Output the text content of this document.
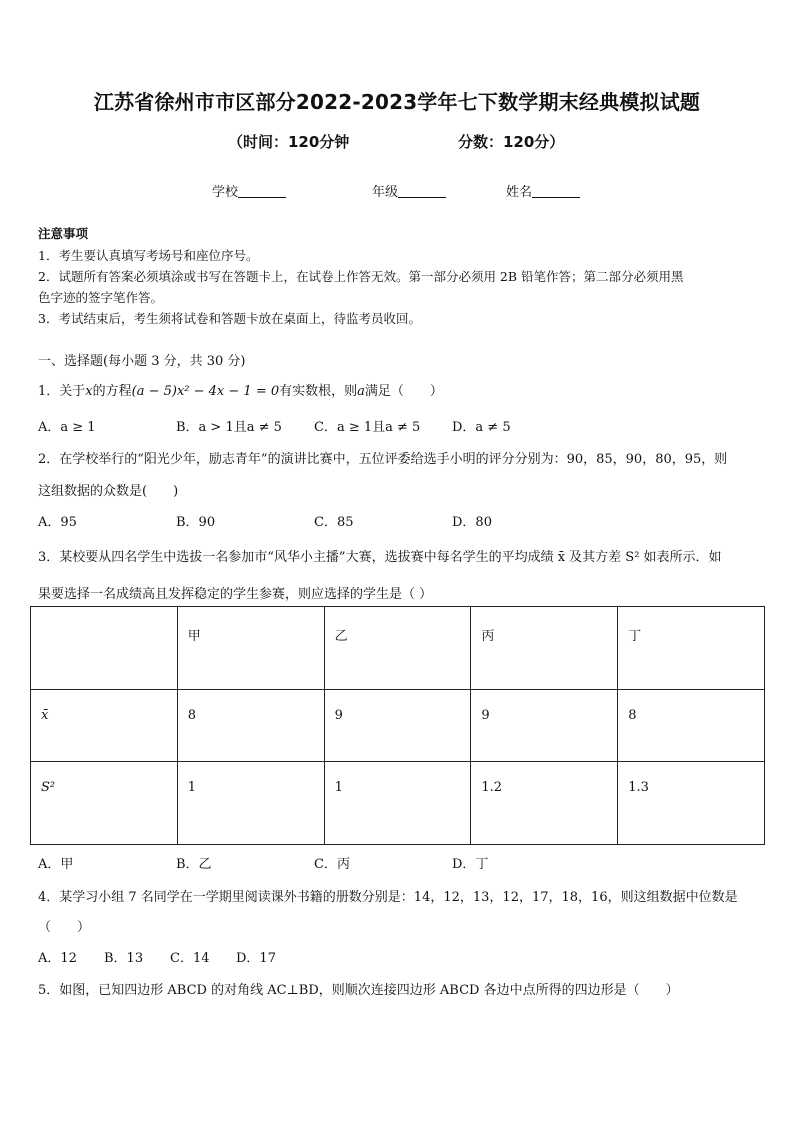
江苏省徐州市市区部分2022-2023学年七下数学期末经典模拟试题
（时间：120分钟	分数：120分）
学校	年级	姓名
注意事项
1．考生要认真填写考场号和座位序号。
2．试题所有答案必须填涂或书写在答题卡上，在试卷上作答无效。第一部分必须用 2B 铅笔作答；第二部分必须用黑
色字迹的签字笔作答。
3．考试结束后，考生须将试卷和答题卡放在桌面上，待监考员收回。
一、选择题(每小题 3 分，共 30 分)
1．关于x的方程(a − 5)x² − 4x − 1 = 0有实数根，则a满足（　　）
A．a ≥ 1	B．a > 1且a ≠ 5 C．a ≥ 1且a ≠ 5 D．a ≠ 5
2．在学校举行的“阳光少年，励志青年”的演讲比赛中，五位评委给选手小明的评分分别为：90，85，90，80，95，则
这组数据的众数是(　　)
A．95	B．90	C．85	D．80
3．某校要从四名学生中选拔一名参加市“风华小主播”大赛，选拔赛中每名学生的平均成绩 x̄ 及其方差 S² 如表所示．如
果要选择一名成绩高且发挥稳定的学生参赛，则应选择的学生是（ ）
	甲	乙	丙	丁
x̄	8	9	9	8
S²	1	1	1.2	1.3
A．甲	B．乙	C．丙	D．丁
4．某学习小组 7 名同学在一学期里阅读课外书籍的册数分别是：14，12，13，12，17，18，16，则这组数据中位数是
（　　）
A．12 B．13 C．14 D．17
5．如图，已知四边形 ABCD 的对角线 AC⊥BD，则顺次连接四边形 ABCD 各边中点所得的四边形是（　　）
